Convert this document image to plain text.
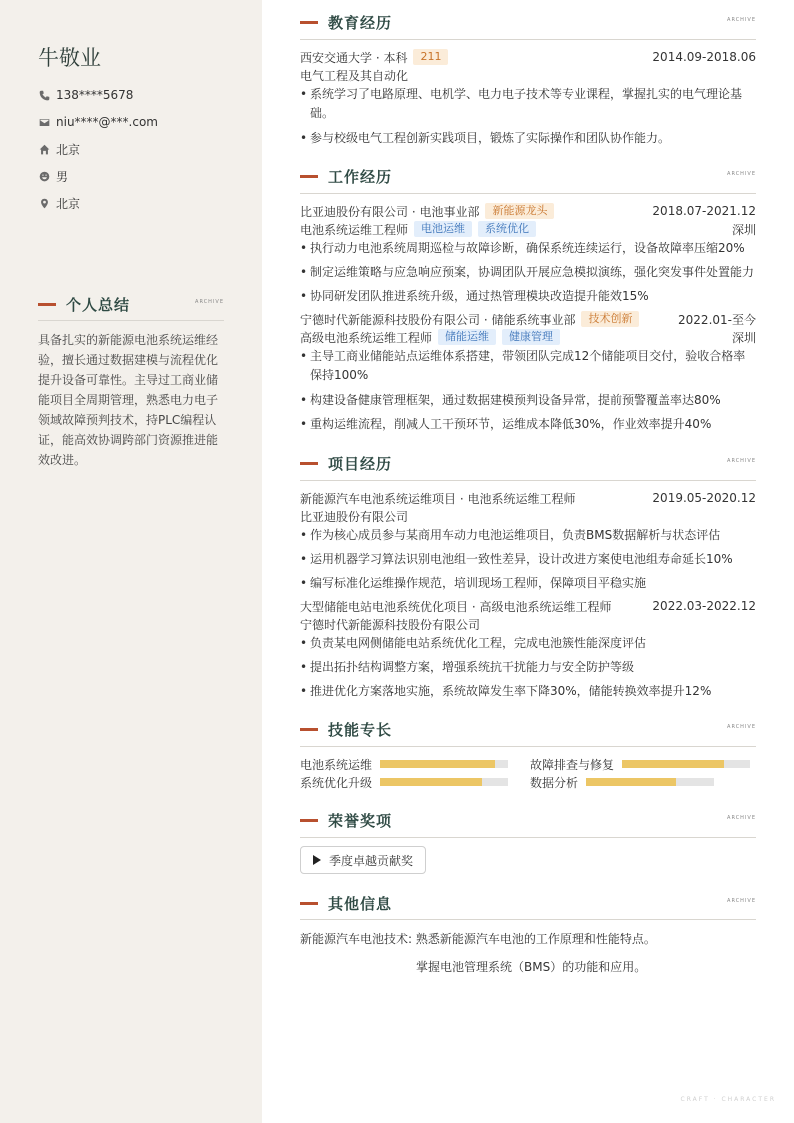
牛敬业
138****5678
niu****@***.com
北京
男
北京
个人总结	ARCHIVE
具备扎实的新能源电池系统运维经验，擅长通过数据建模与流程优化提升设备可靠性。主导过工商业储能项目全周期管理，熟悉电力电子领域故障预判技术，持PLC编程认证，能高效协调跨部门资源推进能效改进。
教育经历	ARCHIVE
西安交通大学 · 本科	211	2014.09-2018.06
电气工程及其自动化
• 系统学习了电路原理、电机学、电力电子技术等专业课程，掌握扎实的电气理论基础。
• 参与校级电气工程创新实践项目，锻炼了实际操作和团队协作能力。
工作经历	ARCHIVE
比亚迪股份有限公司 · 电池事业部	新能源龙头	2018.07-2021.12
电池系统运维工程师	电池运维	系统优化	深圳
• 执行动力电池系统周期巡检与故障诊断，确保系统连续运行，设备故障率压缩20%
• 制定运维策略与应急响应预案，协调团队开展应急模拟演练，强化突发事件处置能力
• 协同研发团队推进系统升级，通过热管理模块改造提升能效15%
宁德时代新能源科技股份有限公司 · 储能系统事业部	技术创新	2022.01-至今
高级电池系统运维工程师	储能运维	健康管理	深圳
• 主导工商业储能站点运维体系搭建，带领团队完成12个储能项目交付，验收合格率保持100%
• 构建设备健康管理框架，通过数据建模预判设备异常，提前预警覆盖率达80%
• 重构运维流程，削减人工干预环节，运维成本降低30%，作业效率提升40%
项目经历	ARCHIVE
新能源汽车电池系统运维项目 · 电池系统运维工程师	2019.05-2020.12
比亚迪股份有限公司
• 作为核心成员参与某商用车动力电池运维项目，负责BMS数据解析与状态评估
• 运用机器学习算法识别电池组一致性差异，设计改进方案使电池组寿命延长10%
• 编写标准化运维操作规范，培训现场工程师，保障项目平稳实施
大型储能电站电池系统优化项目 · 高级电池系统运维工程师	2022.03-2022.12
宁德时代新能源科技股份有限公司
• 负责某电网侧储能电站系统优化工程，完成电池簇性能深度评估
• 提出拓扑结构调整方案，增强系统抗干扰能力与安全防护等级
• 推进优化方案落地实施，系统故障发生率下降30%，储能转换效率提升12%
技能专长	ARCHIVE
电池系统运维	故障排查与修复
系统优化升级	数据分析
荣誉奖项	ARCHIVE
季度卓越贡献奖
其他信息	ARCHIVE
新能源汽车电池技术: 熟悉新能源汽车电池的工作原理和性能特点。
掌握电池管理系统（BMS）的功能和应用。
CRAFT · CHARACTER
